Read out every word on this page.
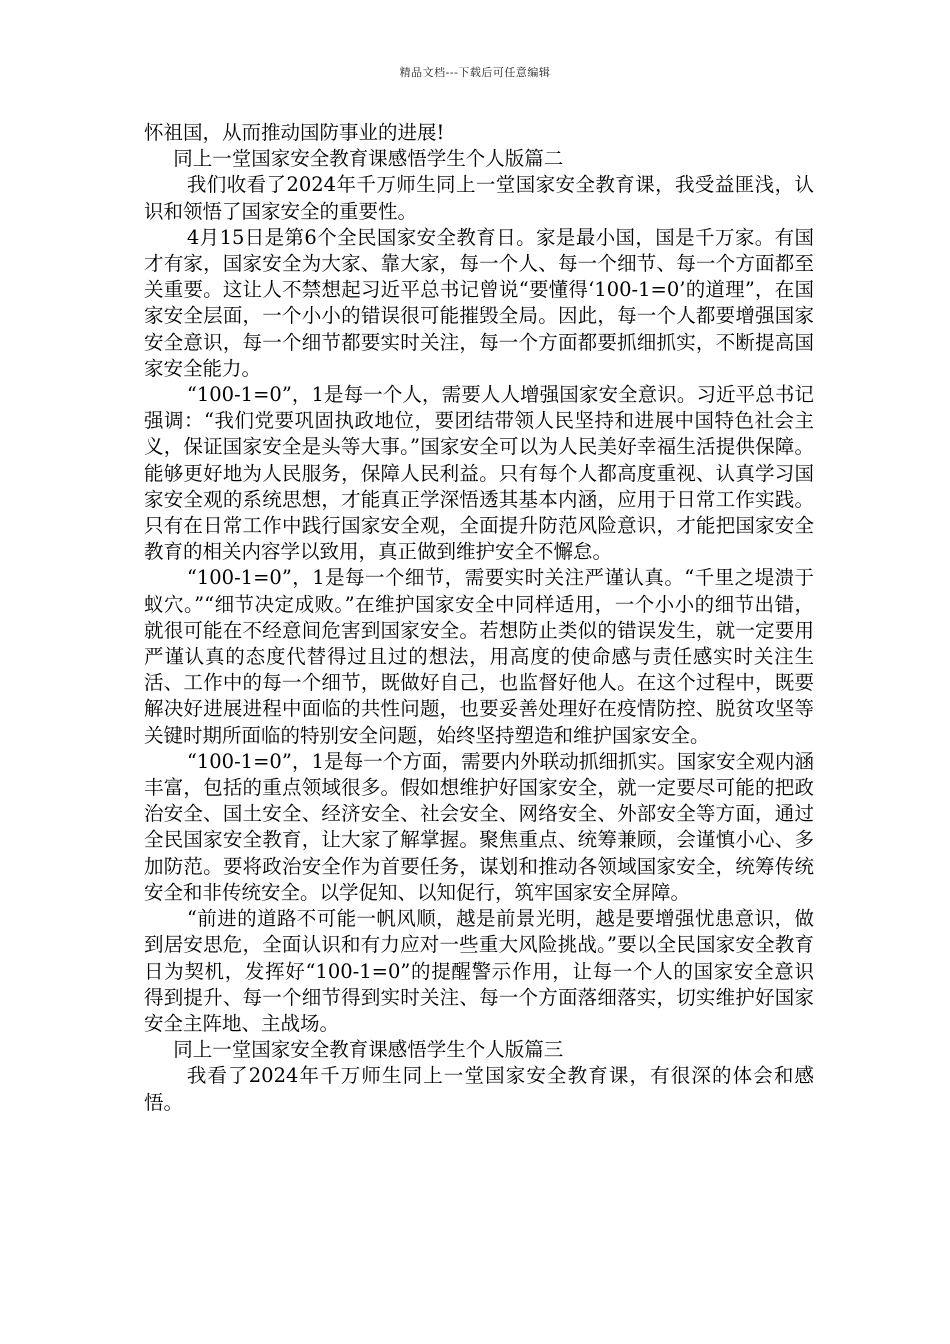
精品文档---下载后可任意编辑

怀祖国，从而推动国防事业的进展!

同上一堂国家安全教育课感悟学生个人版篇二

我们收看了2024年千万师生同上一堂国家安全教育课，我受益匪浅，认识和领悟了国家安全的重要性。

4月15日是第6个全民国家安全教育日。家是最小国，国是千万家。有国才有家，国家安全为大家、靠大家，每一个人、每一个细节、每一个方面都至关重要。这让人不禁想起习近平总书记曾说“要懂得‘100-1=0’的道理”，在国家安全层面，一个小小的错误很可能摧毁全局。因此，每一个人都要增强国家安全意识，每一个细节都要实时关注，每一个方面都要抓细抓实，不断提高国家安全能力。

“100-1=0”，1是每一个人，需要人人增强国家安全意识。习近平总书记强调：“我们党要巩固执政地位，要团结带领人民坚持和进展中国特色社会主义，保证国家安全是头等大事。”国家安全可以为人民美好幸福生活提供保障。能够更好地为人民服务，保障人民利益。只有每个人都高度重视、认真学习国家安全观的系统思想，才能真正学深悟透其基本内涵，应用于日常工作实践。只有在日常工作中践行国家安全观，全面提升防范风险意识，才能把国家安全教育的相关内容学以致用，真正做到维护安全不懈怠。

“100-1=0”，1是每一个细节，需要实时关注严谨认真。“千里之堤溃于蚁穴。”“细节决定成败。”在维护国家安全中同样适用，一个小小的细节出错，就很可能在不经意间危害到国家安全。若想防止类似的错误发生，就一定要用严谨认真的态度代替得过且过的想法，用高度的使命感与责任感实时关注生活、工作中的每一个细节，既做好自己，也监督好他人。在这个过程中，既要解决好进展进程中面临的共性问题，也要妥善处理好在疫情防控、脱贫攻坚等关键时期所面临的特别安全问题，始终坚持塑造和维护国家安全。

“100-1=0”，1是每一个方面，需要内外联动抓细抓实。国家安全观内涵丰富，包括的重点领域很多。假如想维护好国家安全，就一定要尽可能的把政治安全、国土安全、经济安全、社会安全、网络安全、外部安全等方面，通过全民国家安全教育，让大家了解掌握。聚焦重点、统筹兼顾，会谨慎小心、多加防范。要将政治安全作为首要任务，谋划和推动各领域国家安全，统筹传统安全和非传统安全。以学促知、以知促行，筑牢国家安全屏障。

“前进的道路不可能一帆风顺，越是前景光明，越是要增强忧患意识，做到居安思危，全面认识和有力应对一些重大风险挑战。”要以全民国家安全教育日为契机，发挥好“100-1=0”的提醒警示作用，让每一个人的国家安全意识得到提升、每一个细节得到实时关注、每一个方面落细落实，切实维护好国家安全主阵地、主战场。

同上一堂国家安全教育课感悟学生个人版篇三

我看了2024年千万师生同上一堂国家安全教育课，有很深的体会和感悟。
